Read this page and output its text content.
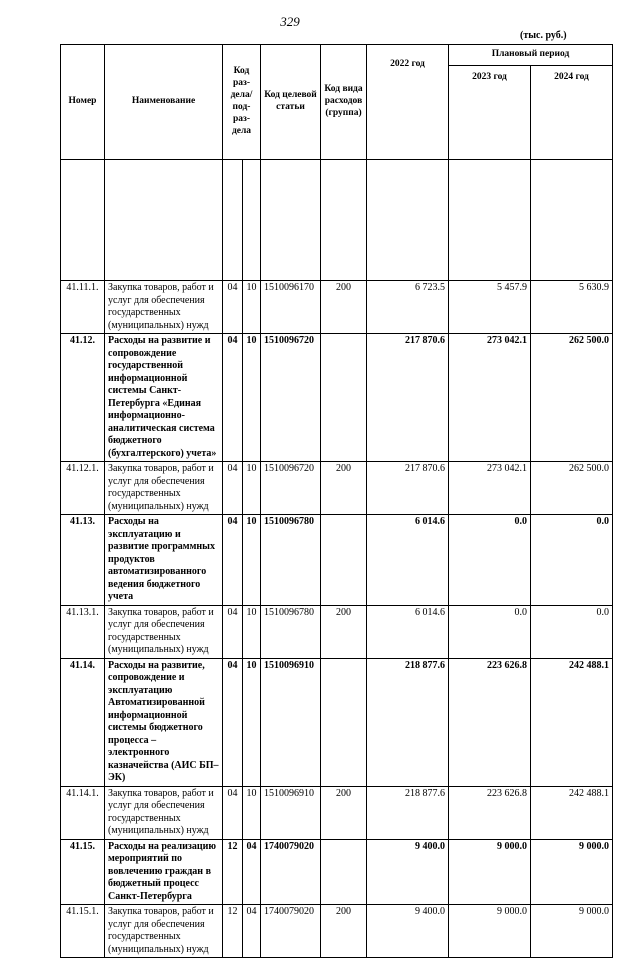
329
(тыс. руб.)
Номер	Наименование	Код раз-дела/ под-раз-дела		Код целевой статьи	Код вида расходов (группа)	2022 год	Плановый период	
							2023 год	2024 год

41.11.1.	Закупка товаров, работ и услуг для обеспечения государственных (муниципальных) нужд	04	10	1510096170	200	6 723.5	5 457.9	5 630.9
41.12.	Расходы на развитие и сопровождение государственной информационной системы Санкт-Петербурга «Единая информационно-аналитическая система бюджетного (бухгалтерского) учета»	04	10	1510096720		217 870.6	273 042.1	262 500.0
41.12.1.	Закупка товаров, работ и услуг для обеспечения государственных (муниципальных) нужд	04	10	1510096720	200	217 870.6	273 042.1	262 500.0
41.13.	Расходы на эксплуатацию и развитие программных продуктов автоматизированного ведения бюджетного учета	04	10	1510096780		6 014.6	0.0	0.0
41.13.1.	Закупка товаров, работ и услуг для обеспечения государственных (муниципальных) нужд	04	10	1510096780	200	6 014.6	0.0	0.0
41.14.	Расходы на развитие, сопровождение и эксплуатацию Автоматизированной информационной системы бюджетного процесса – электронного казначейства (АИС БП–ЭК)	04	10	1510096910		218 877.6	223 626.8	242 488.1
41.14.1.	Закупка товаров, работ и услуг для обеспечения государственных (муниципальных) нужд	04	10	1510096910	200	218 877.6	223 626.8	242 488.1
41.15.	Расходы на реализацию мероприятий по вовлечению граждан в бюджетный процесс Санкт-Петербурга	12	04	1740079020		9 400.0	9 000.0	9 000.0
41.15.1.	Закупка товаров, работ и услуг для обеспечения государственных (муниципальных) нужд	12	04	1740079020	200	9 400.0	9 000.0	9 000.0
